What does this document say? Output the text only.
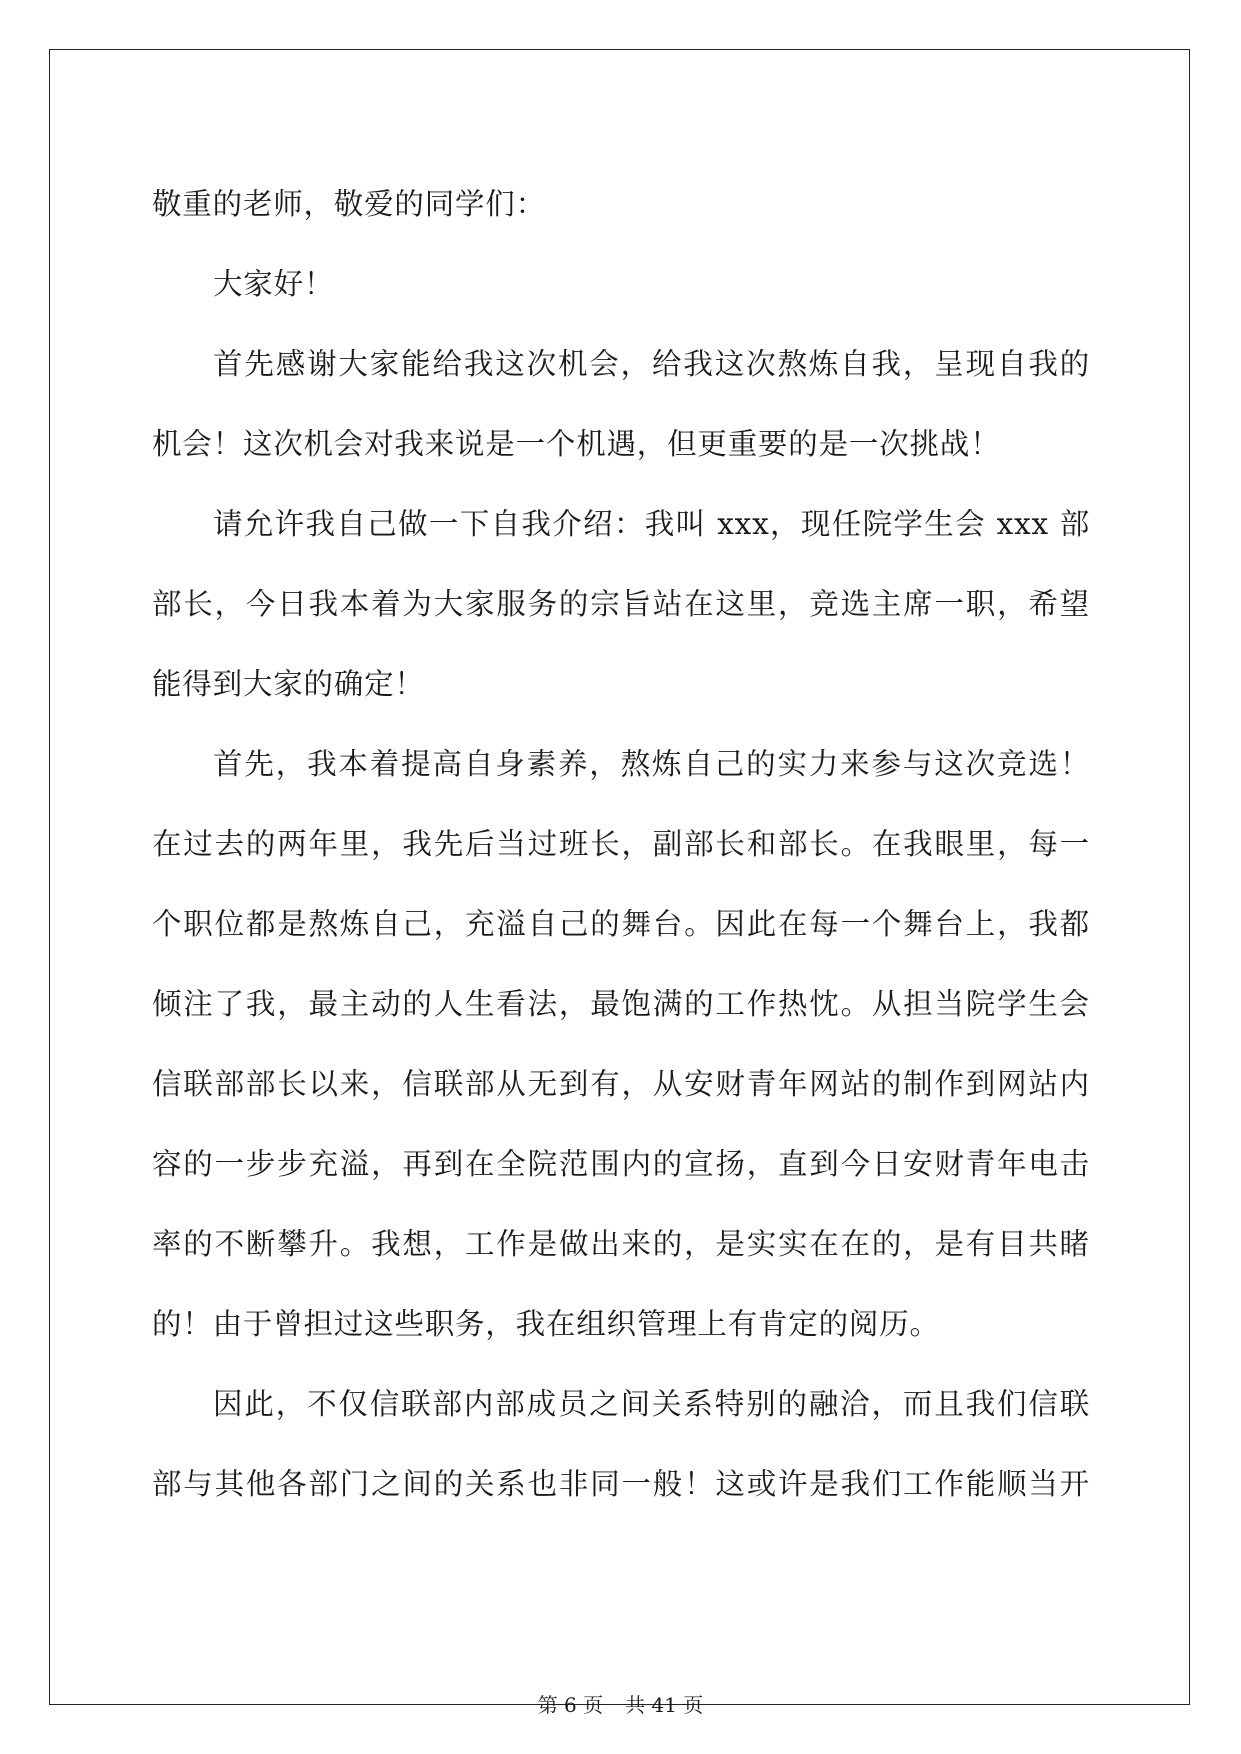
敬重的老师，敬爱的同学们：
大家好！
首先感谢大家能给我这次机会，给我这次熬炼自我，呈现自我的
机会！这次机会对我来说是一个机遇，但更重要的是一次挑战！
请允许我自己做一下自我介绍：我叫 xxx，现任院学生会 xxx 部
部长，今日我本着为大家服务的宗旨站在这里，竞选主席一职，希望
能得到大家的确定！
首先，我本着提高自身素养，熬炼自己的实力来参与这次竞选！
在过去的两年里，我先后当过班长，副部长和部长。在我眼里，每一
个职位都是熬炼自己，充溢自己的舞台。因此在每一个舞台上，我都
倾注了我，最主动的人生看法，最饱满的工作热忱。从担当院学生会
信联部部长以来，信联部从无到有，从安财青年网站的制作到网站内
容的一步步充溢，再到在全院范围内的宣扬，直到今日安财青年电击
率的不断攀升。我想，工作是做出来的，是实实在在的，是有目共睹
的！由于曾担过这些职务，我在组织管理上有肯定的阅历。
因此，不仅信联部内部成员之间关系特别的融洽，而且我们信联
部与其他各部门之间的关系也非同一般！这或许是我们工作能顺当开
第 6 页 共 41 页
